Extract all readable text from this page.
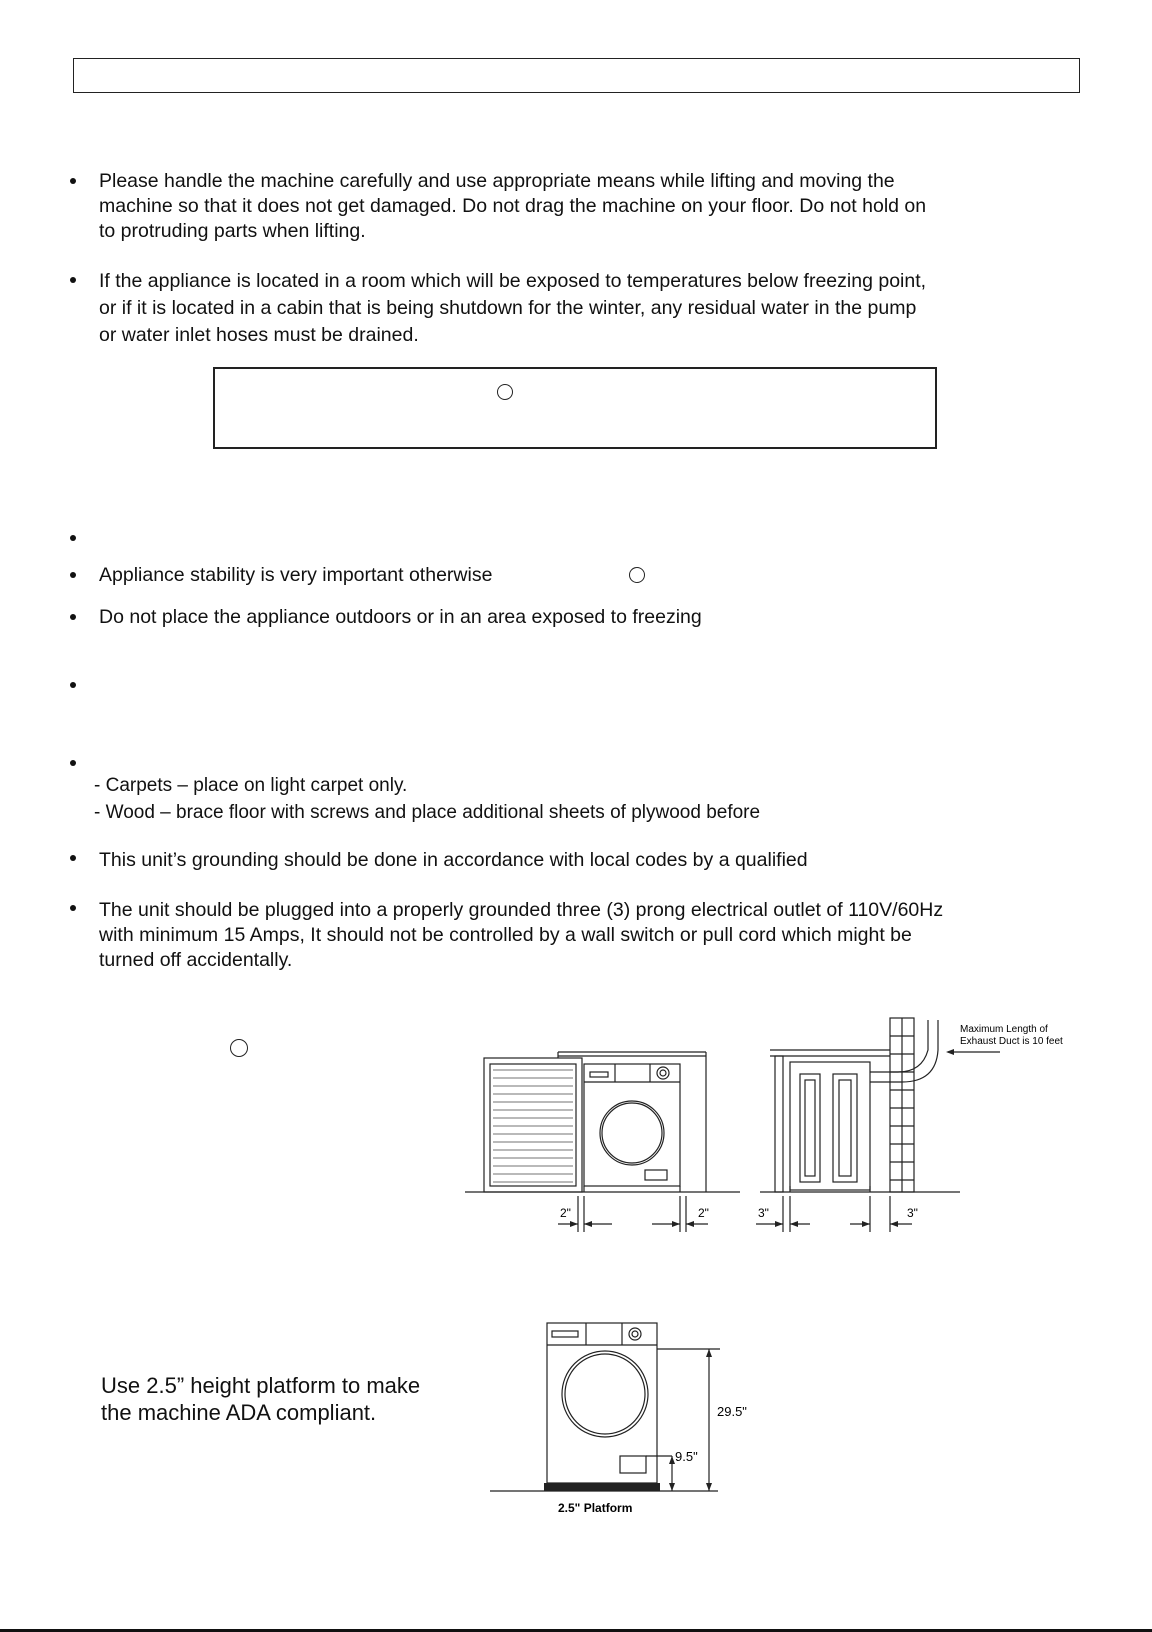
Please handle the machine carefully and use appropriate means while lifting and moving the
machine so that it does not get damaged. Do not drag the machine on your floor. Do not hold on
to protruding parts when lifting.
If the appliance is located in a room which will be exposed to temperatures below freezing point,
or if it is located in a cabin that is being shutdown for the winter, any residual water in the pump
or water inlet hoses must be drained.
Appliance stability is very important otherwise
Do not place the appliance outdoors or in an area exposed to freezing
- Carpets – place on light carpet only.
- Wood – brace floor with screws and place additional sheets of plywood before
This unit’s grounding should be done in accordance with local codes by a qualified
The unit should be plugged into a properly grounded three (3) prong electrical outlet of 110V/60Hz
with minimum 15 Amps, It should not be controlled by a wall switch or pull cord which might be
turned off accidentally.
2"	2"	3"	3"
Maximum Length of
Exhaust Duct is 10 feet
Use 2.5” height platform to make
the machine ADA compliant.	29.5"
9.5"
2.5" Platform
